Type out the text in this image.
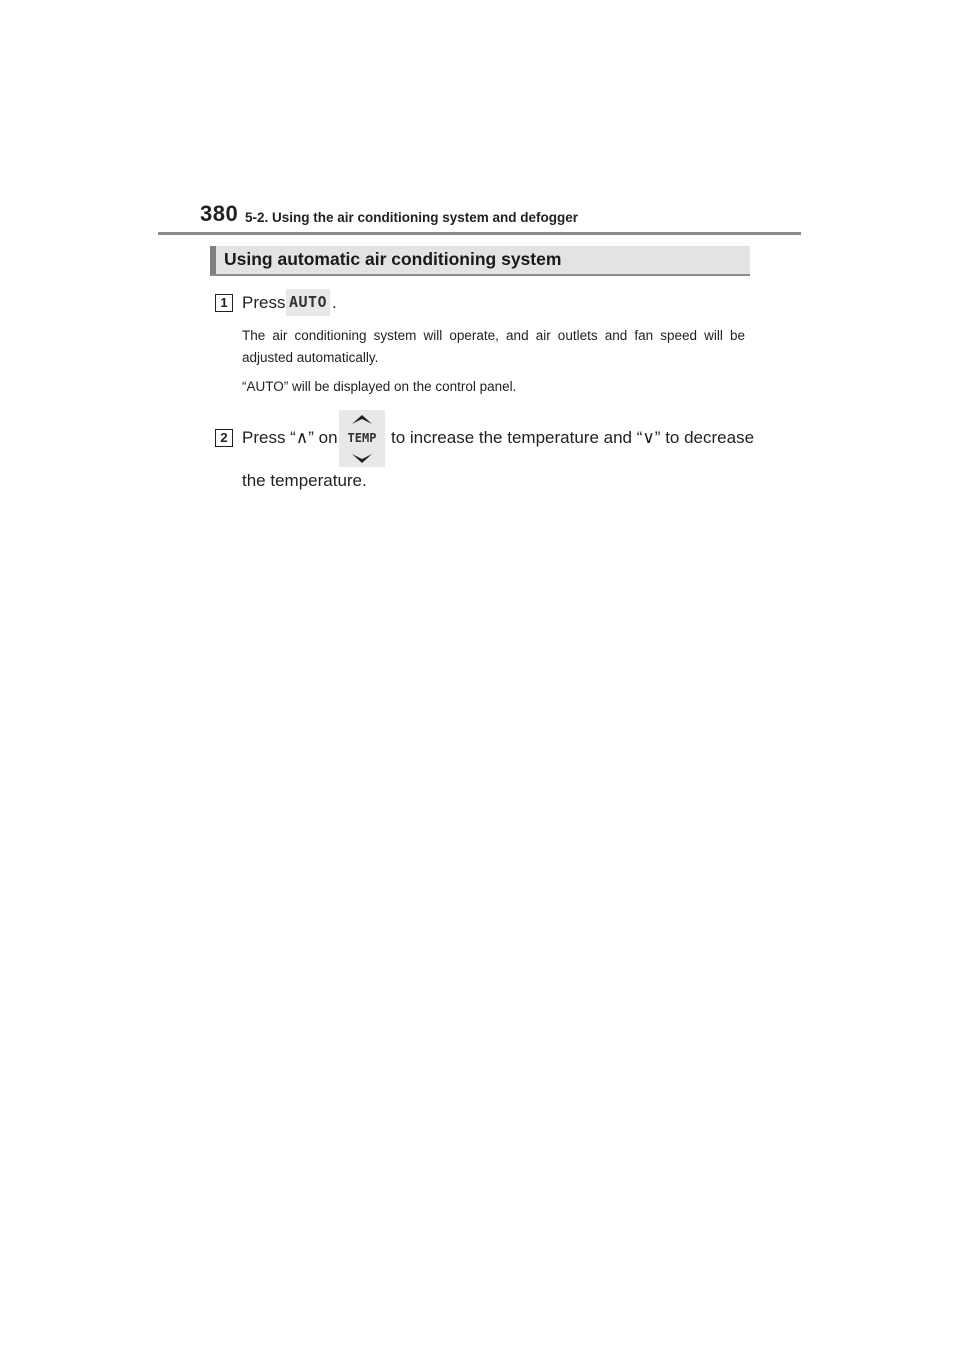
380 5-2. Using the air conditioning system and defogger
Using automatic air conditioning system
1 Press AUTO .
The air conditioning system will operate, and air outlets and fan speed will be adjusted automatically.
“AUTO” will be displayed on the control panel.
2 Press “∧” on TEMP to increase the temperature and “∨” to decrease
the temperature.
